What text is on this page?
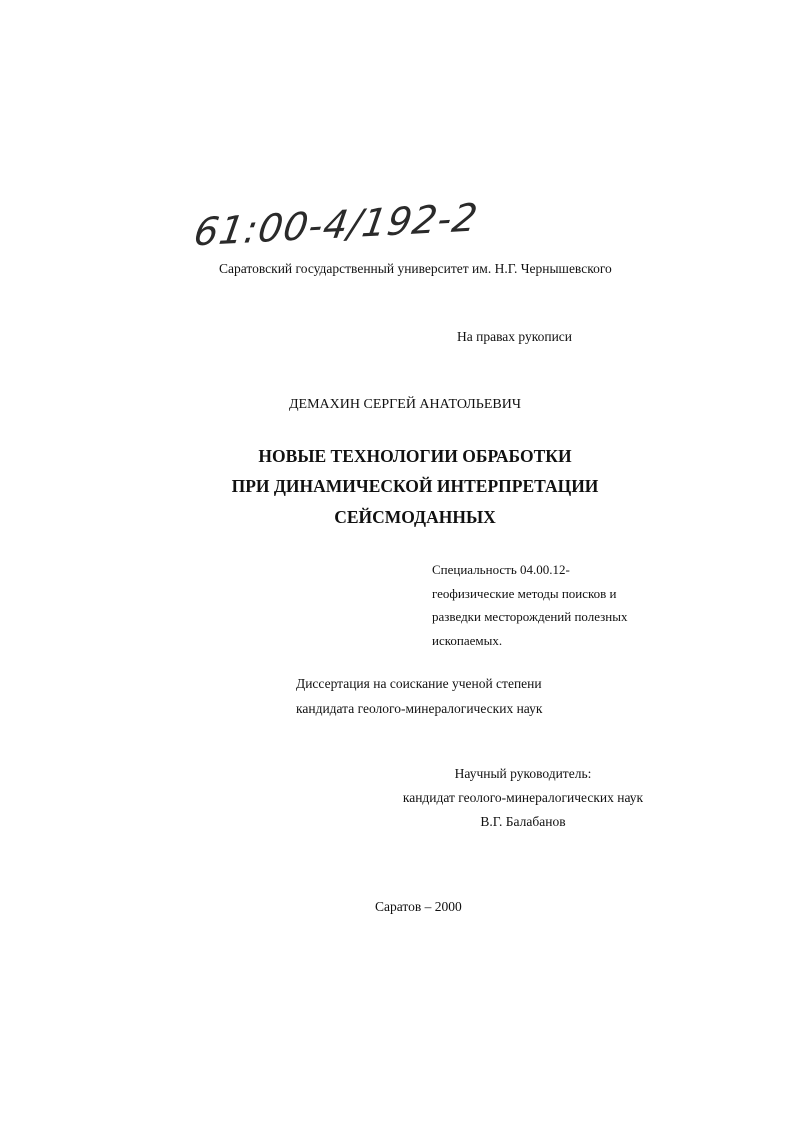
61:00-4/192-2
Саратовский государственный университет им. Н.Г. Чернышевского
На правах рукописи
ДЕМАХИН СЕРГЕЙ АНАТОЛЬЕВИЧ
НОВЫЕ ТЕХНОЛОГИИ ОБРАБОТКИ
ПРИ ДИНАМИЧЕСКОЙ ИНТЕРПРЕТАЦИИ
СЕЙСМОДАННЫХ
Специальность 04.00.12-
геофизические методы поисков и
разведки месторождений полезных
ископаемых.
Диссертация на соискание ученой степени
кандидата геолого-минералогических наук
Научный руководитель:
кандидат геолого-минералогических наук
В.Г. Балабанов
Саратов – 2000
